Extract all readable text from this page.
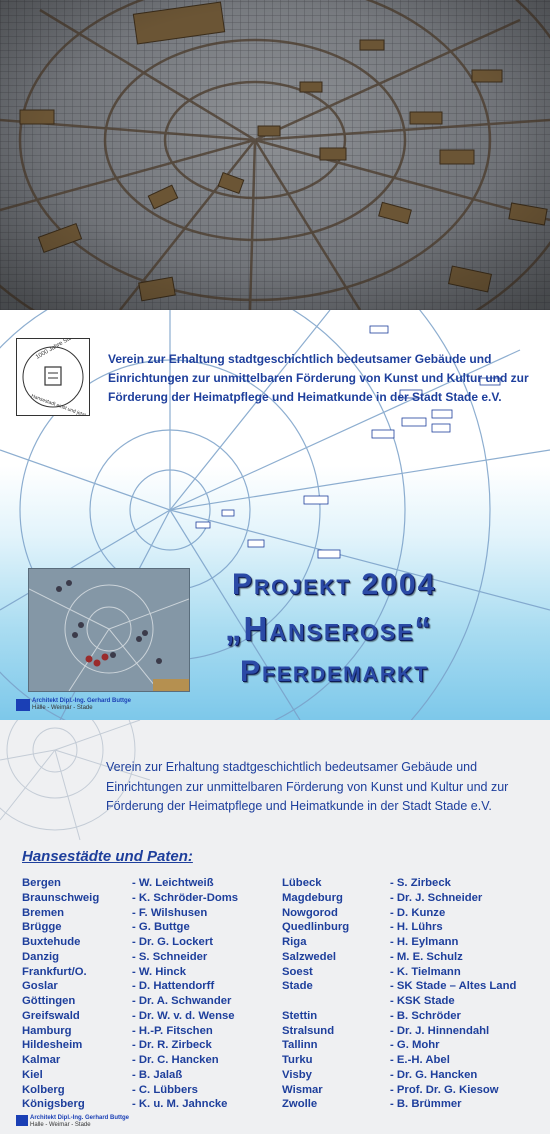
1000 Jahre Stade
Hansestadt einst und jetzt
Verein zur Erhaltung stadtgeschichtlich bedeutsamer Gebäude und Einrichtungen zur unmittelbaren Förderung von Kunst und Kultur und zur Förderung der Heimatpflege und Heimatkunde in der Stadt Stade e.V.
Projekt 2004
„Hanserose“
Pferdemarkt
Architekt Dipl.-Ing. Gerhard Buttge
Halle - Weimar - Stade
Verein zur Erhaltung stadtgeschichtlich bedeutsamer Gebäude und Einrichtungen zur unmittelbaren Förderung von Kunst und Kultur und zur Förderung der Heimatpflege und Heimatkunde in der Stadt Stade e.V.
Hansestädte und Paten:
Bergen
Braunschweig
Bremen
Brügge
Buxtehude
Danzig
Frankfurt/O.
Goslar
Göttingen
Greifswald
Hamburg
Hildesheim
Kalmar
Kiel
Kolberg
Königsberg
- W. Leichtweiß
- K. Schröder-Doms
- F. Wilshusen
- G. Buttge
- Dr. G. Lockert
- S. Schneider
- W. Hinck
- D. Hattendorff
- Dr. A. Schwander
- Dr. W. v. d. Wense
- H.-P. Fitschen
- Dr. R. Zirbeck
- Dr. C. Hancken
- B. Jalaß
- C. Lübbers
- K. u. M. Jahncke
Lübeck
Magdeburg
Nowgorod
Quedlinburg
Riga
Salzwedel
Soest
Stade
Stettin
Stralsund
Tallinn
Turku
Visby
Wismar
Zwolle
- S. Zirbeck
- Dr. J. Schneider
- D. Kunze
- H. Lührs
- H. Eylmann
- M. E. Schulz
- K. Tielmann
- SK Stade – Altes Land
- KSK Stade
- B. Schröder
- Dr. J. Hinnendahl
- G. Mohr
- E.-H. Abel
- Dr. G. Hancken
- Prof. Dr. G. Kiesow
- B. Brümmer
Architekt Dipl.-Ing. Gerhard Buttge
Halle - Weimar - Stade
